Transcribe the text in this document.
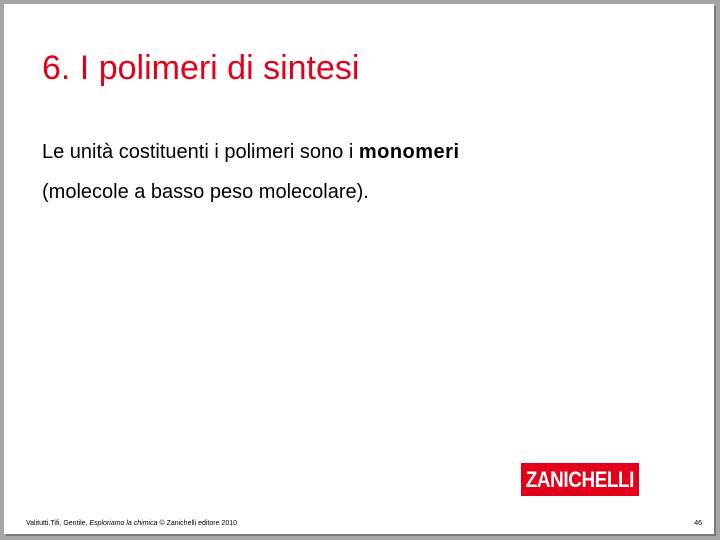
6. I polimeri di sintesi
Le unità costituenti i polimeri sono i monomeri
(molecole a basso peso molecolare).
ZANICHELLI
Valitutti,Tifi, Gentile, Esploriamo la chimica © Zanichelli editore 2010	46
